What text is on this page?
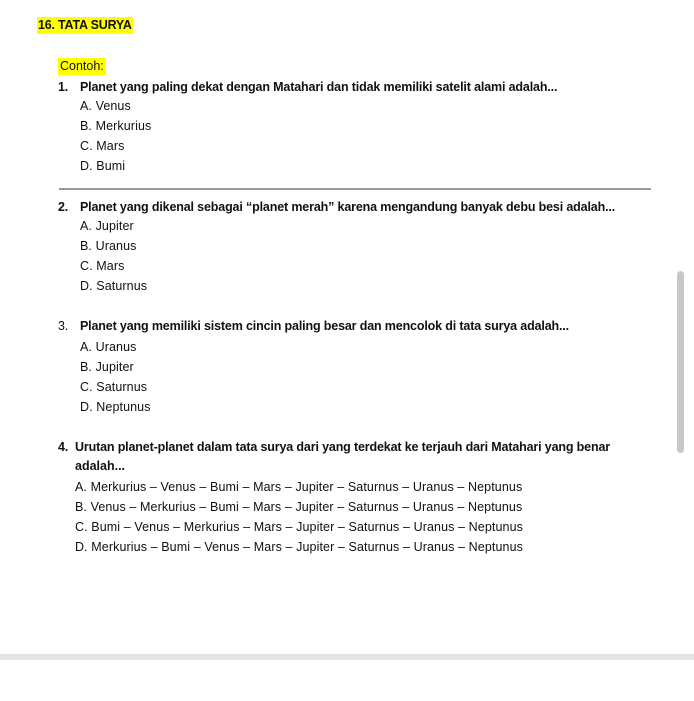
16. TATA SURYA
Contoh:
1. Planet yang paling dekat dengan Matahari dan tidak memiliki satelit alami adalah...
A. Venus
B. Merkurius
C. Mars
D. Bumi
2. Planet yang dikenal sebagai “planet merah” karena mengandung banyak debu besi adalah...
A. Jupiter
B. Uranus
C. Mars
D. Saturnus
3. Planet yang memiliki sistem cincin paling besar dan mencolok di tata surya adalah...
A. Uranus
B. Jupiter
C. Saturnus
D. Neptunus
4. Urutan planet-planet dalam tata surya dari yang terdekat ke terjauh dari Matahari yang benar
adalah...
A. Merkurius – Venus – Bumi – Mars – Jupiter – Saturnus – Uranus – Neptunus
B. Venus – Merkurius – Bumi – Mars – Jupiter – Saturnus – Uranus – Neptunus
C. Bumi – Venus – Merkurius – Mars – Jupiter – Saturnus – Uranus – Neptunus
D. Merkurius – Bumi – Venus – Mars – Jupiter – Saturnus – Uranus – Neptunus
